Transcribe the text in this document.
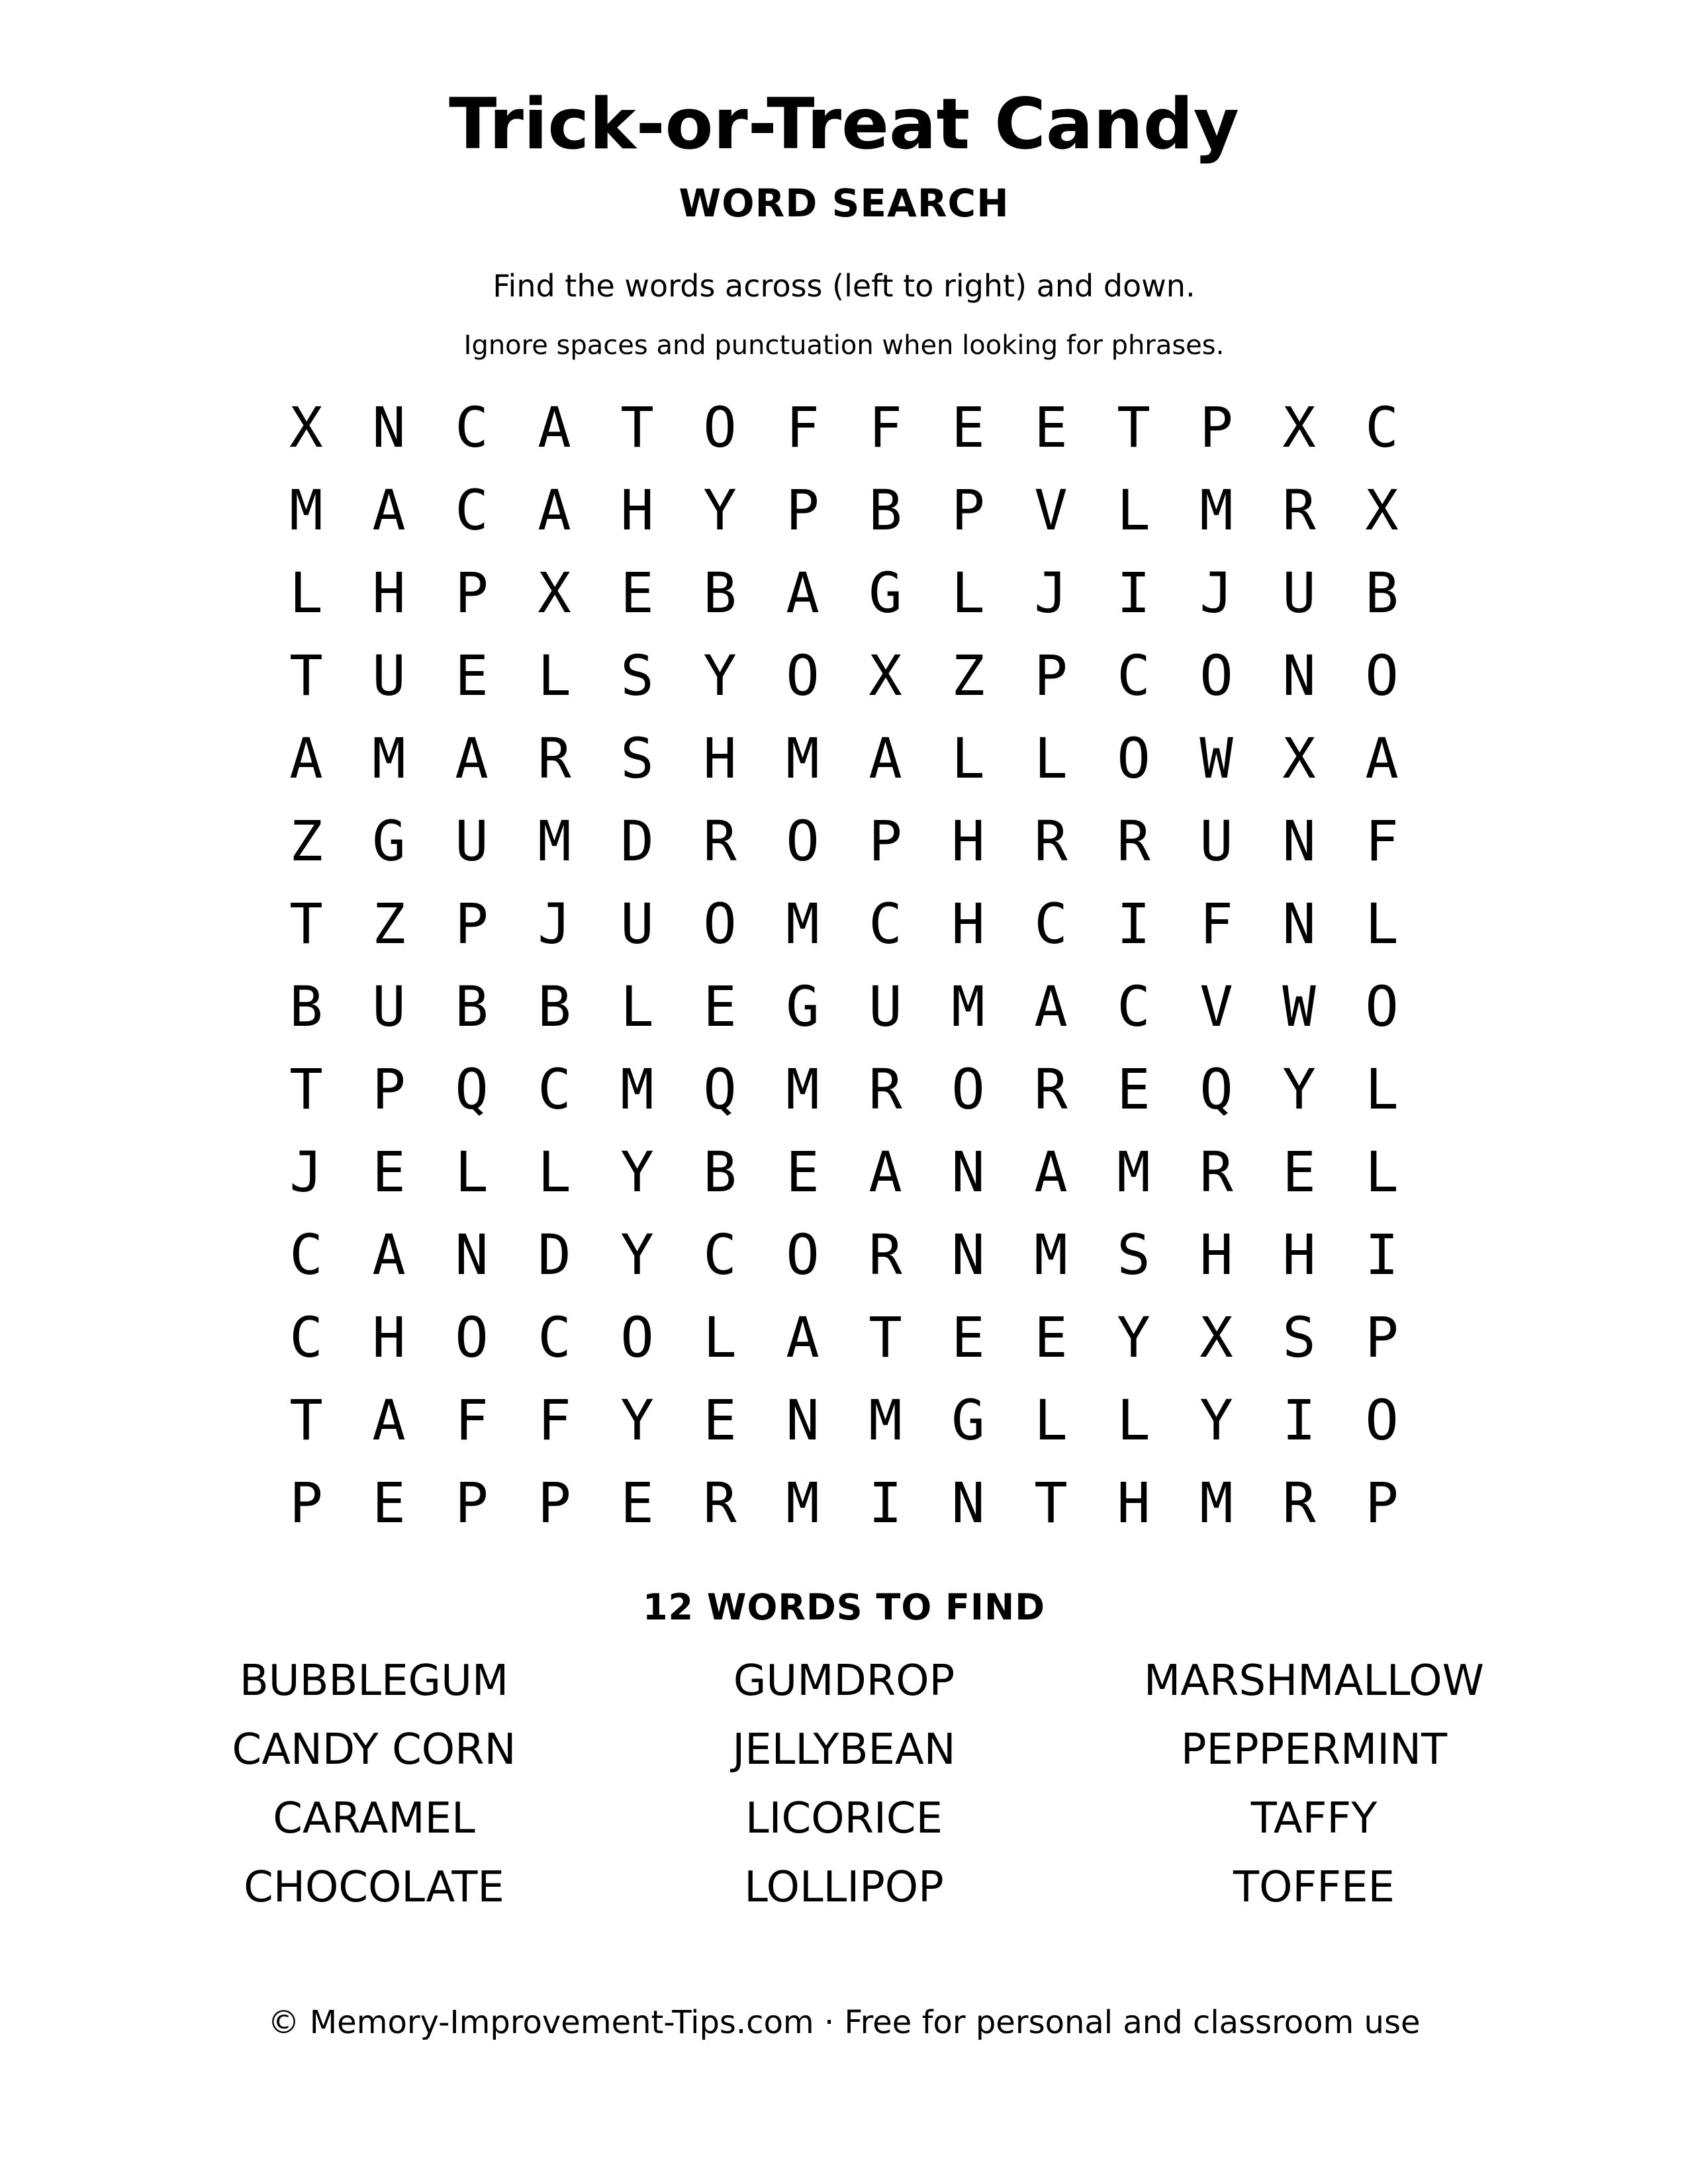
Trick-or-Treat Candy
WORD SEARCH
Find the words across (left to right) and down.
Ignore spaces and punctuation when looking for phrases.
X N C A T O F F E E T P X C
M A C A H Y P B P V L M R X
L H P X E B A G L J I J U B
T U E L S Y O X Z P C O N O
A M A R S H M A L L O W X A
Z G U M D R O P H R R U N F
T Z P J U O M C H C I F N L
B U B B L E G U M A C V W O
T P Q C M Q M R O R E Q Y L
J E L L Y B E A N A M R E L
C A N D Y C O R N M S H H I
C H O C O L A T E E Y X S P
T A F F Y E N M G L L Y I O
P E P P E R M I N T H M R P
12 WORDS TO FIND
BUBBLEGUM
CANDY CORN
CARAMEL
CHOCOLATE
GUMDROP
JELLYBEAN
LICORICE
LOLLIPOP
MARSHMALLOW
PEPPERMINT
TAFFY
TOFFEE
© Memory-Improvement-Tips.com · Free for personal and classroom use
